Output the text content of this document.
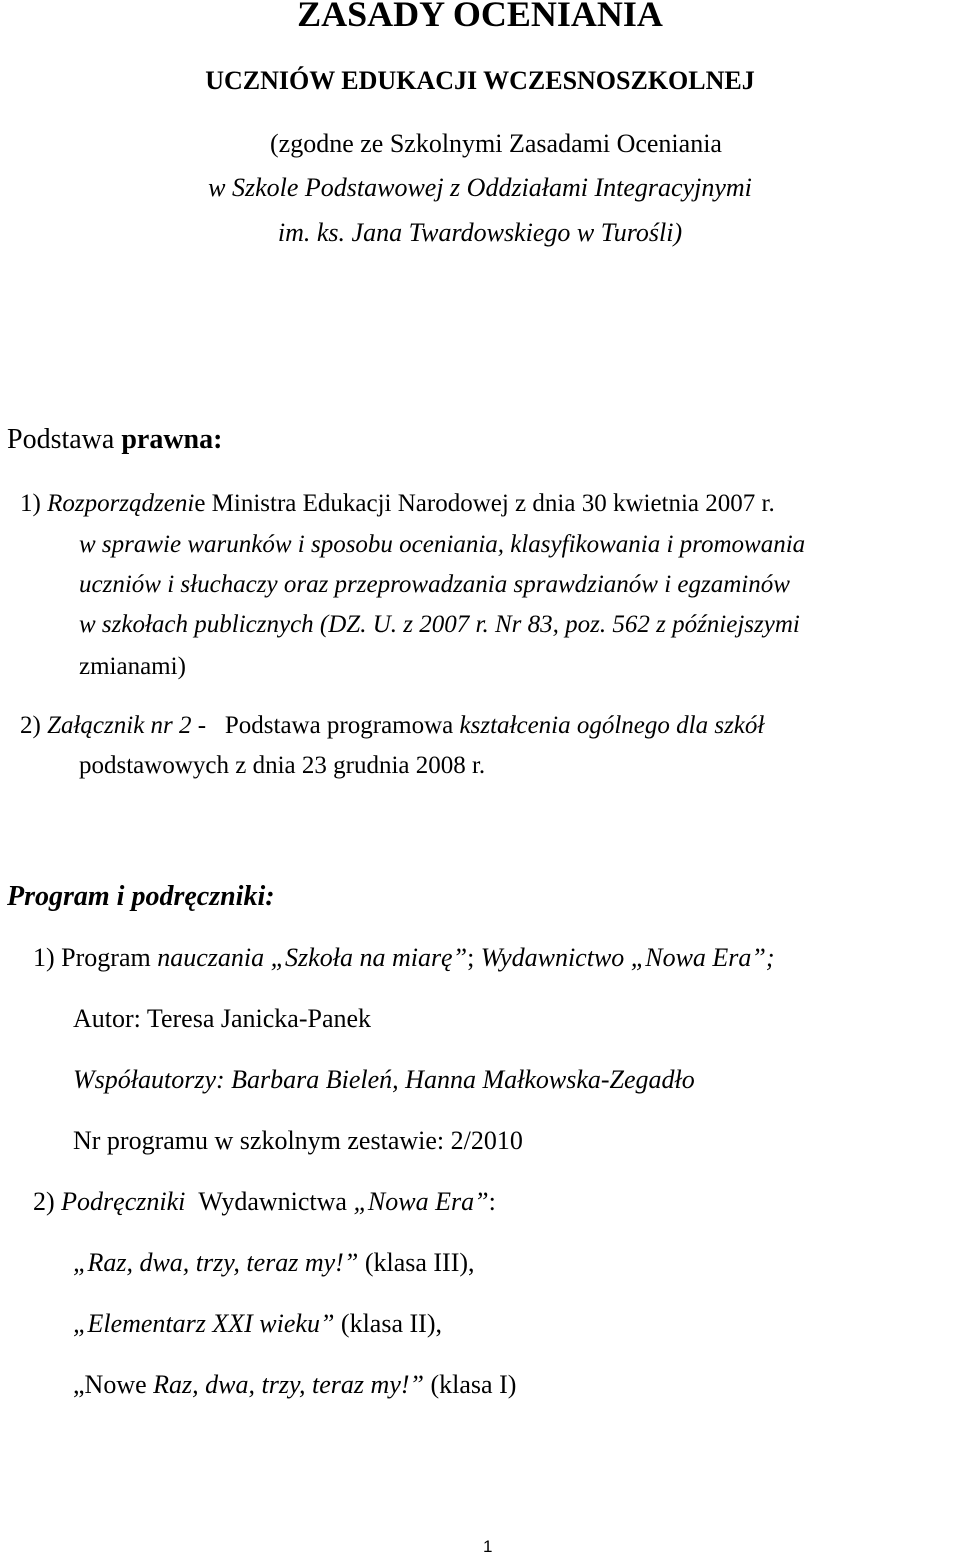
ZASADY OCENIANIA
UCZNIÓW EDUKACJI WCZESNOSZKOLNEJ
(zgodne ze Szkolnymi Zasadami Oceniania
w Szkole Podstawowej z Oddziałami Integracyjnymi
im. ks. Jana Twardowskiego w Turośli)
Podstawa prawna:
1) Rozporządzenie Ministra Edukacji Narodowej z dnia 30 kwietnia 2007 r.
w sprawie warunków i sposobu oceniania, klasyfikowania i promowania
uczniów i słuchaczy oraz przeprowadzania sprawdzianów i egzaminów
w szkołach publicznych (DZ. U. z 2007 r. Nr 83, poz. 562 z późniejszymi
zmianami)
2) Załącznik nr 2 - Podstawa programowa kształcenia ogólnego dla szkół
podstawowych z dnia 23 grudnia 2008 r.
Program i podręczniki:
1) Program nauczania „Szkoła na miarę”; Wydawnictwo „Nowa Era”;
Autor: Teresa Janicka-Panek
Współautorzy: Barbara Bieleń, Hanna Małkowska-Zegadło
Nr programu w szkolnym zestawie: 2/2010
2) Podręczniki Wydawnictwa „Nowa Era”:
„Raz, dwa, trzy, teraz my!” (klasa III),
„Elementarz XXI wieku” (klasa II),
„Nowe Raz, dwa, trzy, teraz my!” (klasa I)
1
